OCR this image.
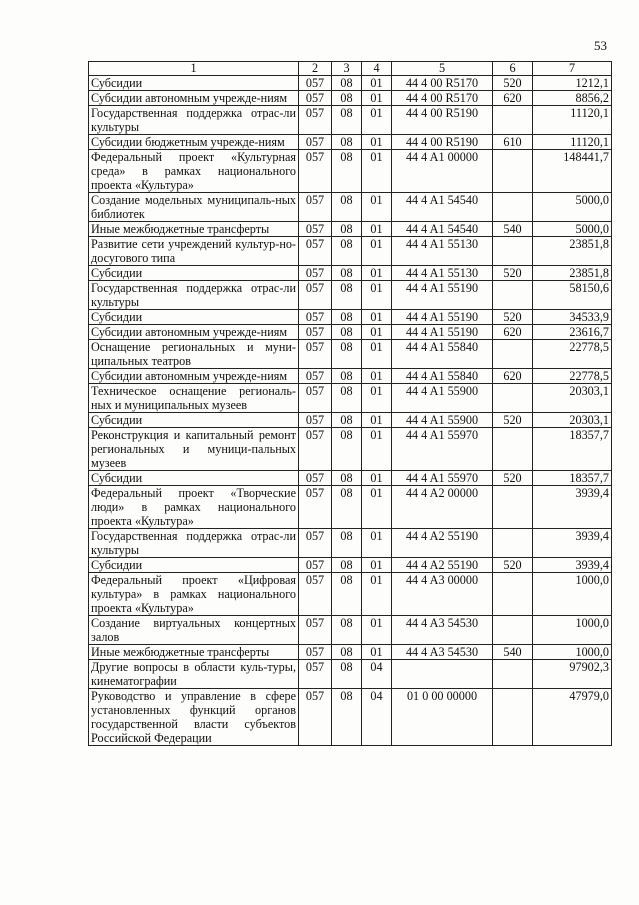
53
1	2	3	4	5	6	7
Субсидии	057	08	01	44 4 00 R5170	520	1212,1
Субсидии автономным учрежде-ниям	057	08	01	44 4 00 R5170	620	8856,2
Государственная поддержка отрас-ли культуры	057	08	01	44 4 00 R5190		11120,1
Субсидии бюджетным учрежде-ниям	057	08	01	44 4 00 R5190	610	11120,1
Федеральный проект «Культурная среда» в рамках национального проекта «Культура»	057	08	01	44 4 A1 00000		148441,7
Создание модельных муниципаль-ных библиотек	057	08	01	44 4 A1 54540		5000,0
Иные межбюджетные трансферты	057	08	01	44 4 A1 54540	540	5000,0
Развитие сети учреждений культур-но-досугового типа	057	08	01	44 4 A1 55130		23851,8
Субсидии	057	08	01	44 4 A1 55130	520	23851,8
Государственная поддержка отрас-ли культуры	057	08	01	44 4 A1 55190		58150,6
Субсидии	057	08	01	44 4 A1 55190	520	34533,9
Субсидии автономным учрежде-ниям	057	08	01	44 4 A1 55190	620	23616,7
Оснащение региональных и муни-ципальных театров	057	08	01	44 4 A1 55840		22778,5
Субсидии автономным учрежде-ниям	057	08	01	44 4 A1 55840	620	22778,5
Техническое оснащение региональ-ных и муниципальных музеев	057	08	01	44 4 A1 55900		20303,1
Субсидии	057	08	01	44 4 A1 55900	520	20303,1
Реконструкция и капитальный ремонт региональных и муници-пальных музеев	057	08	01	44 4 A1 55970		18357,7
Субсидии	057	08	01	44 4 A1 55970	520	18357,7
Федеральный проект «Творческие люди» в рамках национального проекта «Культура»	057	08	01	44 4 A2 00000		3939,4
Государственная поддержка отрас-ли культуры	057	08	01	44 4 A2 55190		3939,4
Субсидии	057	08	01	44 4 A2 55190	520	3939,4
Федеральный проект «Цифровая культура» в рамках национального проекта «Культура»	057	08	01	44 4 A3 00000		1000,0
Создание виртуальных концертных залов	057	08	01	44 4 A3 54530		1000,0
Иные межбюджетные трансферты	057	08	01	44 4 A3 54530	540	1000,0
Другие вопросы в области куль-туры, кинематографии	057	08	04			97902,3
Руководство и управление в сфере установленных функций органов государственной власти субъектов Российской Федерации	057	08	04	01 0 00 00000		47979,0
